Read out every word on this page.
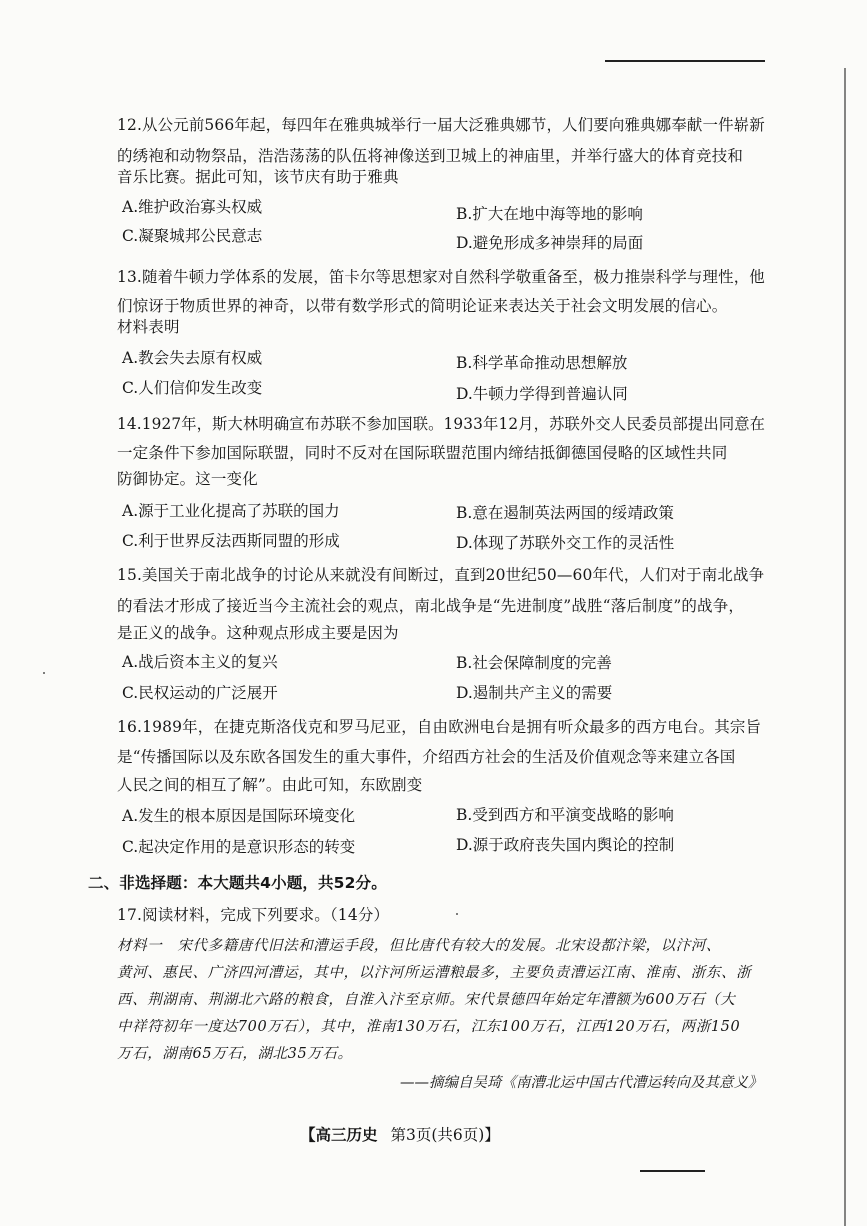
12.从公元前566年起，每四年在雅典城举行一届大泛雅典娜节，人们要向雅典娜奉献一件崭新
的绣袍和动物祭品，浩浩荡荡的队伍将神像送到卫城上的神庙里，并举行盛大的体育竞技和
音乐比赛。据此可知，该节庆有助于雅典
A.维护政治寡头权威	B.扩大在地中海等地的影响
C.凝聚城邦公民意志	D.避免形成多神崇拜的局面
13.随着牛顿力学体系的发展，笛卡尔等思想家对自然科学敬重备至，极力推崇科学与理性，他
们惊讶于物质世界的神奇，以带有数学形式的简明论证来表达关于社会文明发展的信心。
材料表明
A.教会失去原有权威	B.科学革命推动思想解放
C.人们信仰发生改变	D.牛顿力学得到普遍认同
14.1927年，斯大林明确宣布苏联不参加国联。1933年12月，苏联外交人民委员部提出同意在
一定条件下参加国际联盟，同时不反对在国际联盟范围内缔结抵御德国侵略的区域性共同
防御协定。这一变化
A.源于工业化提高了苏联的国力	B.意在遏制英法两国的绥靖政策
C.利于世界反法西斯同盟的形成	D.体现了苏联外交工作的灵活性
15.美国关于南北战争的讨论从来就没有间断过，直到20世纪50—60年代，人们对于南北战争
的看法才形成了接近当今主流社会的观点，南北战争是“先进制度”战胜“落后制度”的战争，
是正义的战争。这种观点形成主要是因为
A.战后资本主义的复兴	B.社会保障制度的完善
C.民权运动的广泛展开	D.遏制共产主义的需要
16.1989年，在捷克斯洛伐克和罗马尼亚，自由欧洲电台是拥有听众最多的西方电台。其宗旨
是“传播国际以及东欧各国发生的重大事件，介绍西方社会的生活及价值观念等来建立各国
人民之间的相互了解”。由此可知，东欧剧变
A.发生的根本原因是国际环境变化	B.受到西方和平演变战略的影响
C.起决定作用的是意识形态的转变	D.源于政府丧失国内舆论的控制
二、非选择题：本大题共4小题，共52分。
17.阅读材料，完成下列要求。（14分）
材料一　宋代多籍唐代旧法和漕运手段，但比唐代有较大的发展。北宋设都汴梁，以汴河、
黄河、惠民、广济四河漕运，其中，以汴河所运漕粮最多，主要负责漕运江南、淮南、浙东、浙
西、荆湖南、荆湖北六路的粮食，自淮入汴至京师。宋代景德四年始定年漕额为600万石（大
中祥符初年一度达700万石），其中，淮南130万石，江东100万石，江西120万石，两浙150
万石，湖南65万石，湖北35万石。
——摘编自吴琦《南漕北运中国古代漕运转向及其意义》
【高三历史 第3页(共6页)】
